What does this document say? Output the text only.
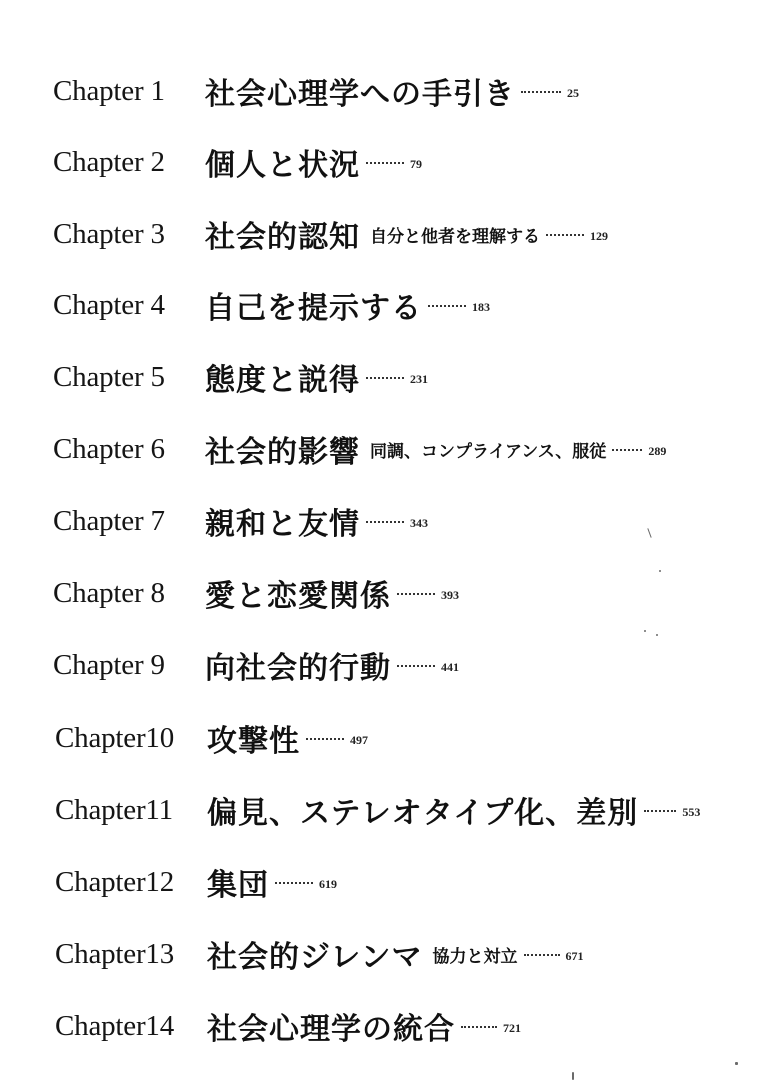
Chapter 1	社会心理学への手引き	25
Chapter 2	個人と状況	79
Chapter 3	社会的認知 自分と他者を理解する	129
Chapter 4	自己を提示する	183
Chapter 5	態度と説得	231
Chapter 6	社会的影響 同調、コンプライアンス、服従	289
Chapter 7	親和と友情	343
Chapter 8	愛と恋愛関係	393
Chapter 9	向社会的行動	441
Chapter10	攻撃性	497
Chapter11	偏見、ステレオタイプ化、差別	553
Chapter12	集団	619
Chapter13	社会的ジレンマ 協力と対立	671
Chapter14	社会心理学の統合	721
